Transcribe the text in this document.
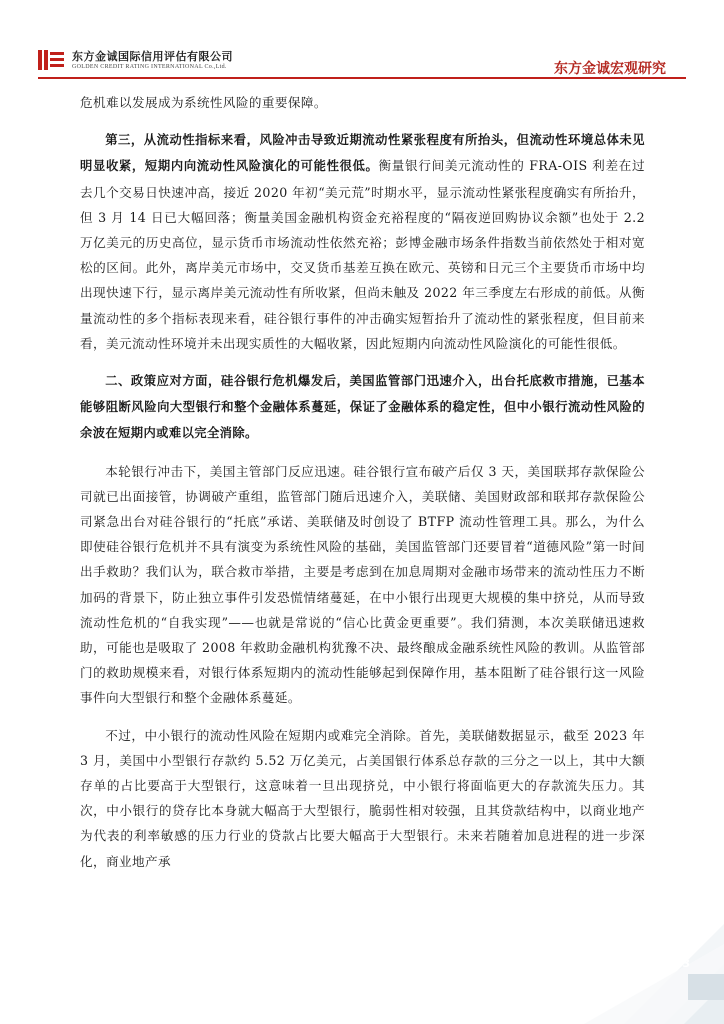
东方金诚国际信用评估有限公司
GOLDEN CREDIT RATING INTERNATIONAL Co.,Ltd.	东方金诚宏观研究

危机难以发展成为系统性风险的重要保障。

第三，从流动性指标来看，风险冲击导致近期流动性紧张程度有所抬头，但流动性环境总体未见明显收紧，短期内向流动性风险演化的可能性很低。衡量银行间美元流动性的 FRA-OIS 利差在过去几个交易日快速冲高，接近 2020 年初“美元荒”时期水平，显示流动性紧张程度确实有所抬升，但 3 月 14 日已大幅回落；衡量美国金融机构资金充裕程度的“隔夜逆回购协议余额”也处于 2.2 万亿美元的历史高位，显示货币市场流动性依然充裕；彭博金融市场条件指数当前依然处于相对宽松的区间。此外，离岸美元市场中，交叉货币基差互换在欧元、英镑和日元三个主要货币市场中均出现快速下行，显示离岸美元流动性有所收紧，但尚未触及 2022 年三季度左右形成的前低。从衡量流动性的多个指标表现来看，硅谷银行事件的冲击确实短暂抬升了流动性的紧张程度，但目前来看，美元流动性环境并未出现实质性的大幅收紧，因此短期内向流动性风险演化的可能性很低。

二、政策应对方面，硅谷银行危机爆发后，美国监管部门迅速介入，出台托底救市措施，已基本能够阻断风险向大型银行和整个金融体系蔓延，保证了金融体系的稳定性，但中小银行流动性风险的余波在短期内或难以完全消除。

本轮银行冲击下，美国主管部门反应迅速。硅谷银行宣布破产后仅 3 天，美国联邦存款保险公司就已出面接管，协调破产重组，监管部门随后迅速介入，美联储、美国财政部和联邦存款保险公司紧急出台对硅谷银行的“托底”承诺、美联储及时创设了 BTFP 流动性管理工具。那么，为什么即使硅谷银行危机并不具有演变为系统性风险的基础，美国监管部门还要冒着“道德风险”第一时间出手救助？我们认为，联合救市举措，主要是考虑到在加息周期对金融市场带来的流动性压力不断加码的背景下，防止独立事件引发恐慌情绪蔓延，在中小银行出现更大规模的集中挤兑，从而导致流动性危机的“自我实现”——也就是常说的“信心比黄金更重要”。我们猜测，本次美联储迅速救助，可能也是吸取了 2008 年救助金融机构犹豫不决、最终酿成金融系统性风险的教训。从监管部门的救助规模来看，对银行体系短期内的流动性能够起到保障作用，基本阻断了硅谷银行这一风险事件向大型银行和整个金融体系蔓延。

不过，中小银行的流动性风险在短期内或难完全消除。首先，美联储数据显示，截至 2023 年 3 月，美国中小型银行存款约 5.52 万亿美元，占美国银行体系总存款的三分之一以上，其中大额存单的占比要高于大型银行，这意味着一旦出现挤兑，中小银行将面临更大的存款流失压力。其次，中小银行的贷存比本身就大幅高于大型银行，脆弱性相对较强，且其贷款结构中，以商业地产为代表的利率敏感的压力行业的贷款占比要大幅高于大型银行。未来若随着加息进程的进一步深化，商业地产承

3
